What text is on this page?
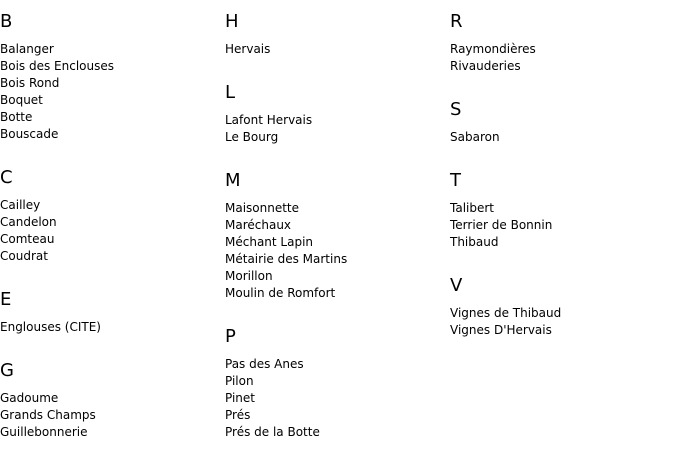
B
Balanger
Bois des Enclouses
Bois Rond
Boquet
Botte
Bouscade
C
Cailley
Candelon
Comteau
Coudrat
E
Englouses (CITE)
G
Gadoume
Grands Champs
Guillebonnerie
H
Hervais
L
Lafont Hervais
Le Bourg
M
Maisonnette
Maréchaux
Méchant Lapin
Métairie des Martins
Morillon
Moulin de Romfort
P
Pas des Anes
Pilon
Pinet
Prés
Prés de la Botte
R
Raymondières
Rivauderies
S
Sabaron
T
Talibert
Terrier de Bonnin
Thibaud
V
Vignes de Thibaud
Vignes D'Hervais
